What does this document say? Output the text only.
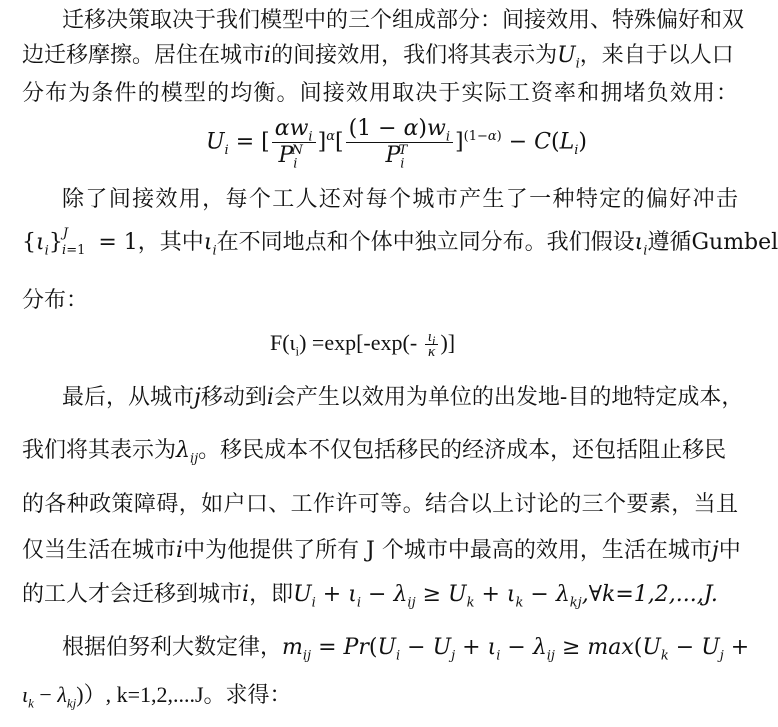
迁移决策取决于我们模型中的三个组成部分：间接效用、特殊偏好和双
边迁移摩擦。居住在城市i的间接效用，我们将其表示为$U_i$，来自于以人口
分布为条件的模型的均衡。间接效用取决于实际工资率和拥堵负效用：
$U_i$ = [ $\frac{\alpha w_i}{P_i^N} ]^\alpha[ \frac{(1 - \alpha)w_i}{P_i^T} ]^{(1-\alpha)} - C(L_i)$
除了间接效用，每个工人还对每个城市产生了一种特定的偏好冲击
$\{\iota_i\}^J_{i=1} = 1$，其中$\iota_i$在不同地点和个体中独立同分布。我们假设$\iota_i$遵循Gumbel
分布：
$F(\iota_i) =\exp[-\exp(- \frac{\iota_i}{\kappa}$ )]
最后，从城市j移动到i会产生以效用为单位的出发地-目的地特定成本，
我们将其表示为$\lambda_{ij}$。移民成本不仅包括移民的经济成本，还包括阻止移民
的各种政策障碍，如户口、工作许可等。结合以上讨论的三个要素，当且
仅当生活在城市i中为他提供了所有 J 个城市中最高的效用，生活在城市j中
的工人才会迁移到城市i，即$U_i + \iota_i - \lambda_{ij} \ge U_k + \iota_k$ − $\lambda_{kj},\forall k=1,2,...,J$.
根据伯努利大数定律，$m_{ij} = Pr(U_i - U_j + \iota_i - \lambda_{ij} \ge \max(U_k - U_j$ +
$\iota_k - \lambda_{kj}$)）, k=1,2,....J。求得：
